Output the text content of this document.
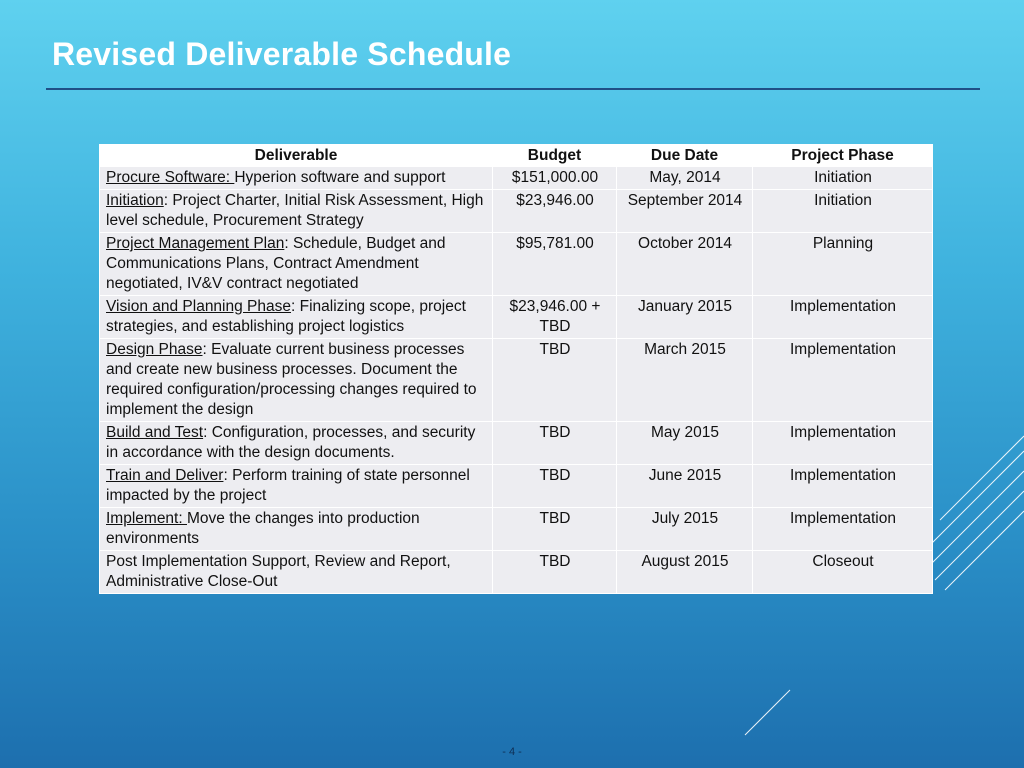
Revised Deliverable Schedule
Deliverable	Budget	Due Date	Project Phase
Procure Software: Hyperion software and support	$151,000.00	May, 2014	Initiation
Initiation: Project Charter, Initial Risk Assessment, High level schedule, Procurement Strategy	$23,946.00	September 2014	Initiation
Project Management Plan: Schedule, Budget and Communications Plans, Contract Amendment negotiated, IV&V contract negotiated	$95,781.00	October 2014	Planning
Vision and Planning Phase: Finalizing scope, project strategies, and establishing project logistics	$23,946.00 + TBD	January 2015	Implementation
Design Phase: Evaluate current business processes and create new business processes. Document the required configuration/processing changes required to implement the design	TBD	March 2015	Implementation
Build and Test: Configuration, processes, and security in accordance with the design documents.	TBD	May 2015	Implementation
Train and Deliver: Perform training of state personnel impacted by the project	TBD	June 2015	Implementation
Implement: Move the changes into production environments	TBD	July 2015	Implementation
Post Implementation Support, Review and Report, Administrative Close-Out	TBD	August 2015	Closeout
- 4 -
